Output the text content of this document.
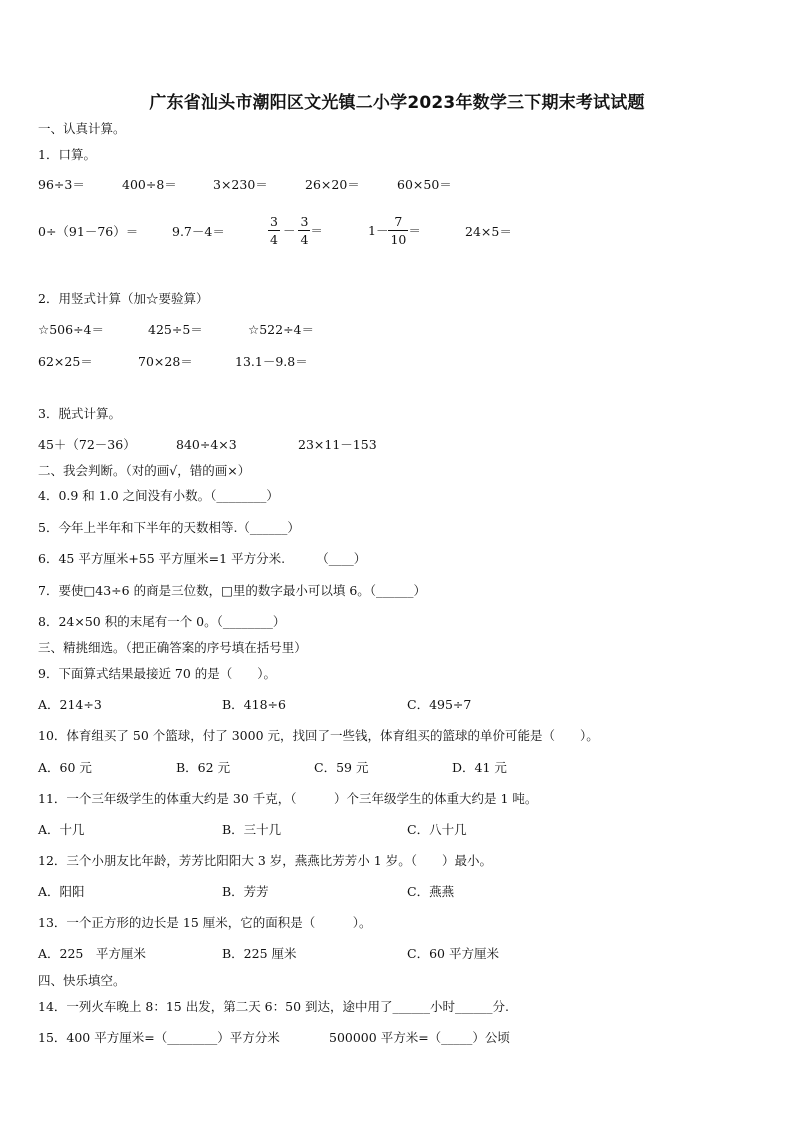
广东省汕头市潮阳区文光镇二小学2023年数学三下期末考试试题
一、认真计算。
1．口算。
96÷3＝	400÷8＝	3×230＝	26×20＝	60×50＝
0÷（91－76）＝	9.7－4＝	$\frac{3}{4} - \frac{3}{4}$ ＝	$1- \frac{7}{10}$ ＝	24×5＝
2．用竖式计算（加☆要验算）
☆506÷4＝	425÷5＝	☆522÷4＝
62×25＝	70×28＝	13.1－9.8＝
3．脱式计算。
45＋（72－36）	840÷4×3	23×11－153
二、我会判断。（对的画√，错的画×）
4．0.9 和 1.0 之间没有小数。（________）
5．今年上半年和下半年的天数相等.（______）
6．45 平方厘米+55 平方厘米=1 平方分米.　　　（____）
7．要使□43÷6 的商是三位数，□里的数字最小可以填 6。（______）
8．24×50 积的末尾有一个 0。（________）
三、精挑细选。（把正确答案的序号填在括号里）
9．下面算式结果最接近 70 的是（　　）。
A．214÷3	B．418÷6	C．495÷7
10．体育组买了 50 个篮球，付了 3000 元，找回了一些钱，体育组买的篮球的单价可能是（　　）。
A．60 元	B．62 元	C．59 元	D．41 元
11．一个三年级学生的体重大约是 30 千克，（　　　）个三年级学生的体重大约是 1 吨。
A．十几	B．三十几	C．八十几
12．三个小朋友比年龄，芳芳比阳阳大 3 岁，燕燕比芳芳小 1 岁。（　　）最小。
A．阳阳	B．芳芳	C．燕燕
13．一个正方形的边长是 15 厘米，它的面积是（　　　）。
A．225　平方厘米	B．225 厘米	C．60 平方厘米
四、快乐填空。
14．一列火车晚上 8：15 出发，第二天 6：50 到达，途中用了______小时______分.
15．400 平方厘米=（________）平方分米	500000 平方米=（_____）公顷
